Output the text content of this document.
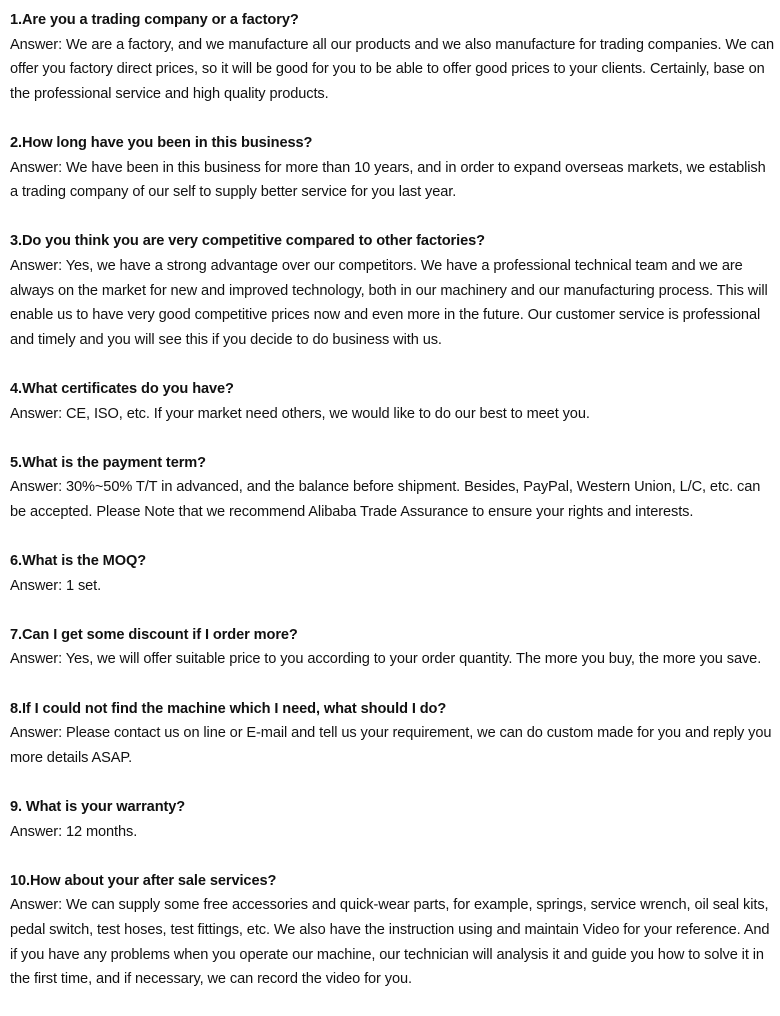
1.Are you a trading company or a factory?
Answer: We are a factory, and we manufacture all our products and we also manufacture for trading companies. We can offer you factory direct prices, so it will be good for you to be able to offer good prices to your clients. Certainly, base on the professional service and high quality products.
2.How long have you been in this business?
Answer: We have been in this business for more than 10 years, and in order to expand overseas markets, we establish a trading company of our self to supply better service for you last year.
3.Do you think you are very competitive compared to other factories?
Answer: Yes, we have a strong advantage over our competitors. We have a professional technical team and we are always on the market for new and improved technology, both in our machinery and our manufacturing process. This will enable us to have very good competitive prices now and even more in the future. Our customer service is professional and timely and you will see this if you decide to do business with us.
4.What certificates do you have?
Answer: CE, ISO, etc. If your market need others, we would like to do our best to meet you.
5.What is the payment term?
Answer: 30%~50% T/T in advanced, and the balance before shipment. Besides, PayPal, Western Union, L/C, etc. can be accepted. Please Note that we recommend Alibaba Trade Assurance to ensure your rights and interests.
6.What is the MOQ?
Answer: 1 set.
7.Can I get some discount if I order more?
Answer: Yes, we will offer suitable price to you according to your order quantity. The more you buy, the more you save.
8.If I could not find the machine which I need, what should I do?
Answer: Please contact us on line or E-mail and tell us your requirement, we can do custom made for you and reply you more details ASAP.
9. What is your warranty?
Answer: 12 months.
10.How about your after sale services?
Answer: We can supply some free accessories and quick-wear parts, for example, springs, service wrench, oil seal kits, pedal switch, test hoses, test fittings, etc. We also have the instruction using and maintain Video for your reference. And if you have any problems when you operate our machine, our technician will analysis it and guide you how to solve it in the first time, and if necessary, we can record the video for you.
